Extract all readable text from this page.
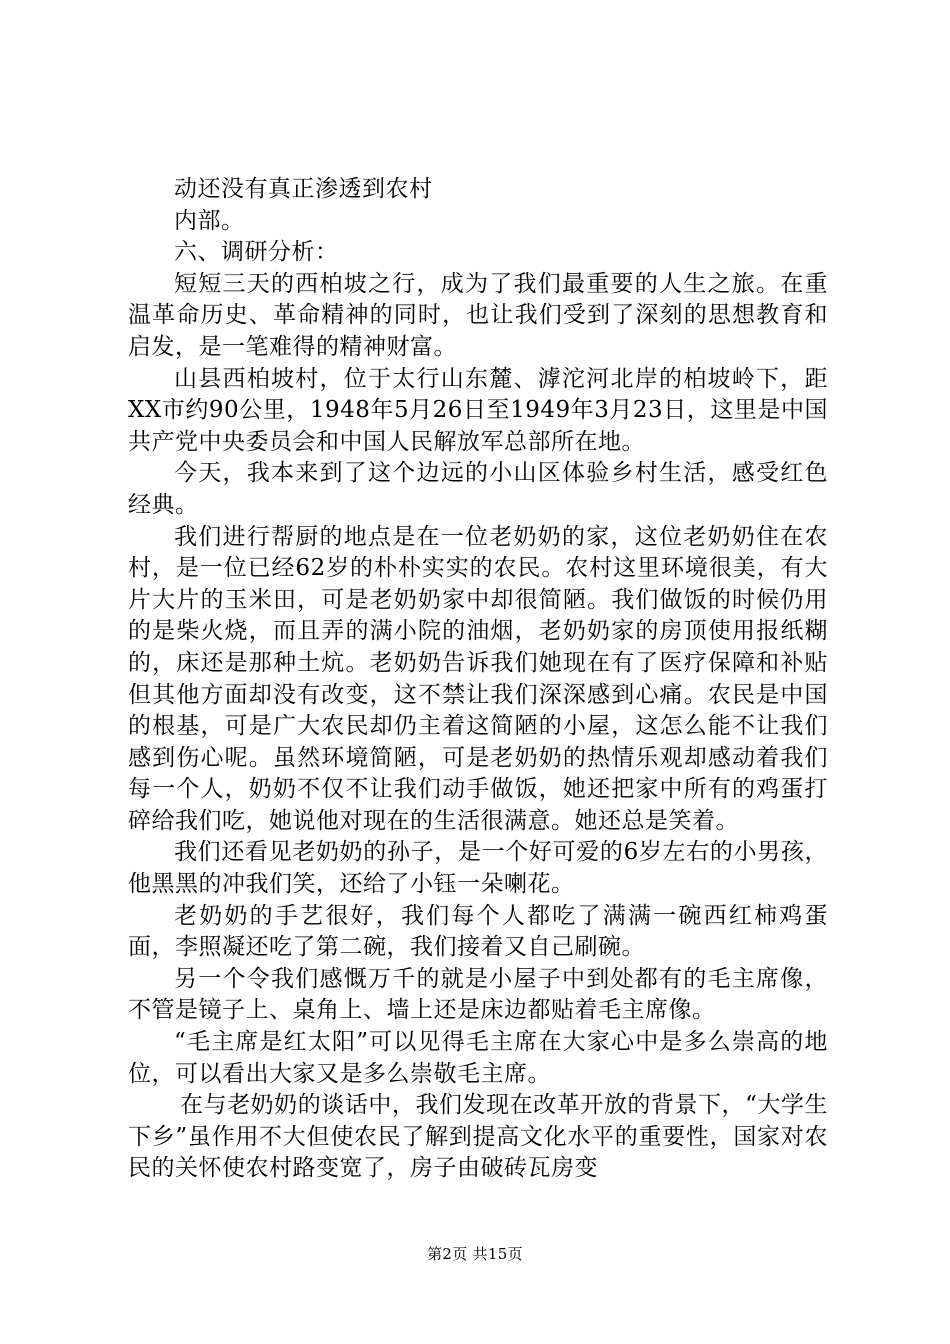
动还没有真正渗透到农村

内部。

六、调研分析：

短短三天的西柏坡之行，成为了我们最重要的人生之旅。在重温革命历史、革命精神的同时，也让我们受到了深刻的思想教育和启发，是一笔难得的精神财富。

山县西柏坡村，位于太行山东麓、滹沱河北岸的柏坡岭下，距XX市约90公里，1948年5月26日至1949年3月23日，这里是中国共产党中央委员会和中国人民解放军总部所在地。

今天，我本来到了这个边远的小山区体验乡村生活，感受红色经典。

我们进行帮厨的地点是在一位老奶奶的家，这位老奶奶住在农村，是一位已经62岁的朴朴实实的农民。农村这里环境很美，有大片大片的玉米田，可是老奶奶家中却很简陋。我们做饭的时候仍用的是柴火烧，而且弄的满小院的油烟，老奶奶家的房顶使用报纸糊的，床还是那种土炕。老奶奶告诉我们她现在有了医疗保障和补贴但其他方面却没有改变，这不禁让我们深深感到心痛。农民是中国的根基，可是广大农民却仍主着这简陋的小屋，这怎么能不让我们感到伤心呢。虽然环境简陋，可是老奶奶的热情乐观却感动着我们每一个人，奶奶不仅不让我们动手做饭，她还把家中所有的鸡蛋打碎给我们吃，她说他对现在的生活很满意。她还总是笑着。

我们还看见老奶奶的孙子，是一个好可爱的6岁左右的小男孩，他黑黑的冲我们笑，还给了小钰一朵喇花。

老奶奶的手艺很好，我们每个人都吃了满满一碗西红柿鸡蛋面，李照凝还吃了第二碗，我们接着又自己刷碗。

另一个令我们感慨万千的就是小屋子中到处都有的毛主席像，不管是镜子上、桌角上、墙上还是床边都贴着毛主席像。

“毛主席是红太阳”可以见得毛主席在大家心中是多么崇高的地位，可以看出大家又是多么崇敬毛主席。

在与老奶奶的谈话中，我们发现在改革开放的背景下，“大学生下乡”虽作用不大但使农民了解到提高文化水平的重要性，国家对农民的关怀使农村路变宽了，房子由破砖瓦房变

第2页 共15页
